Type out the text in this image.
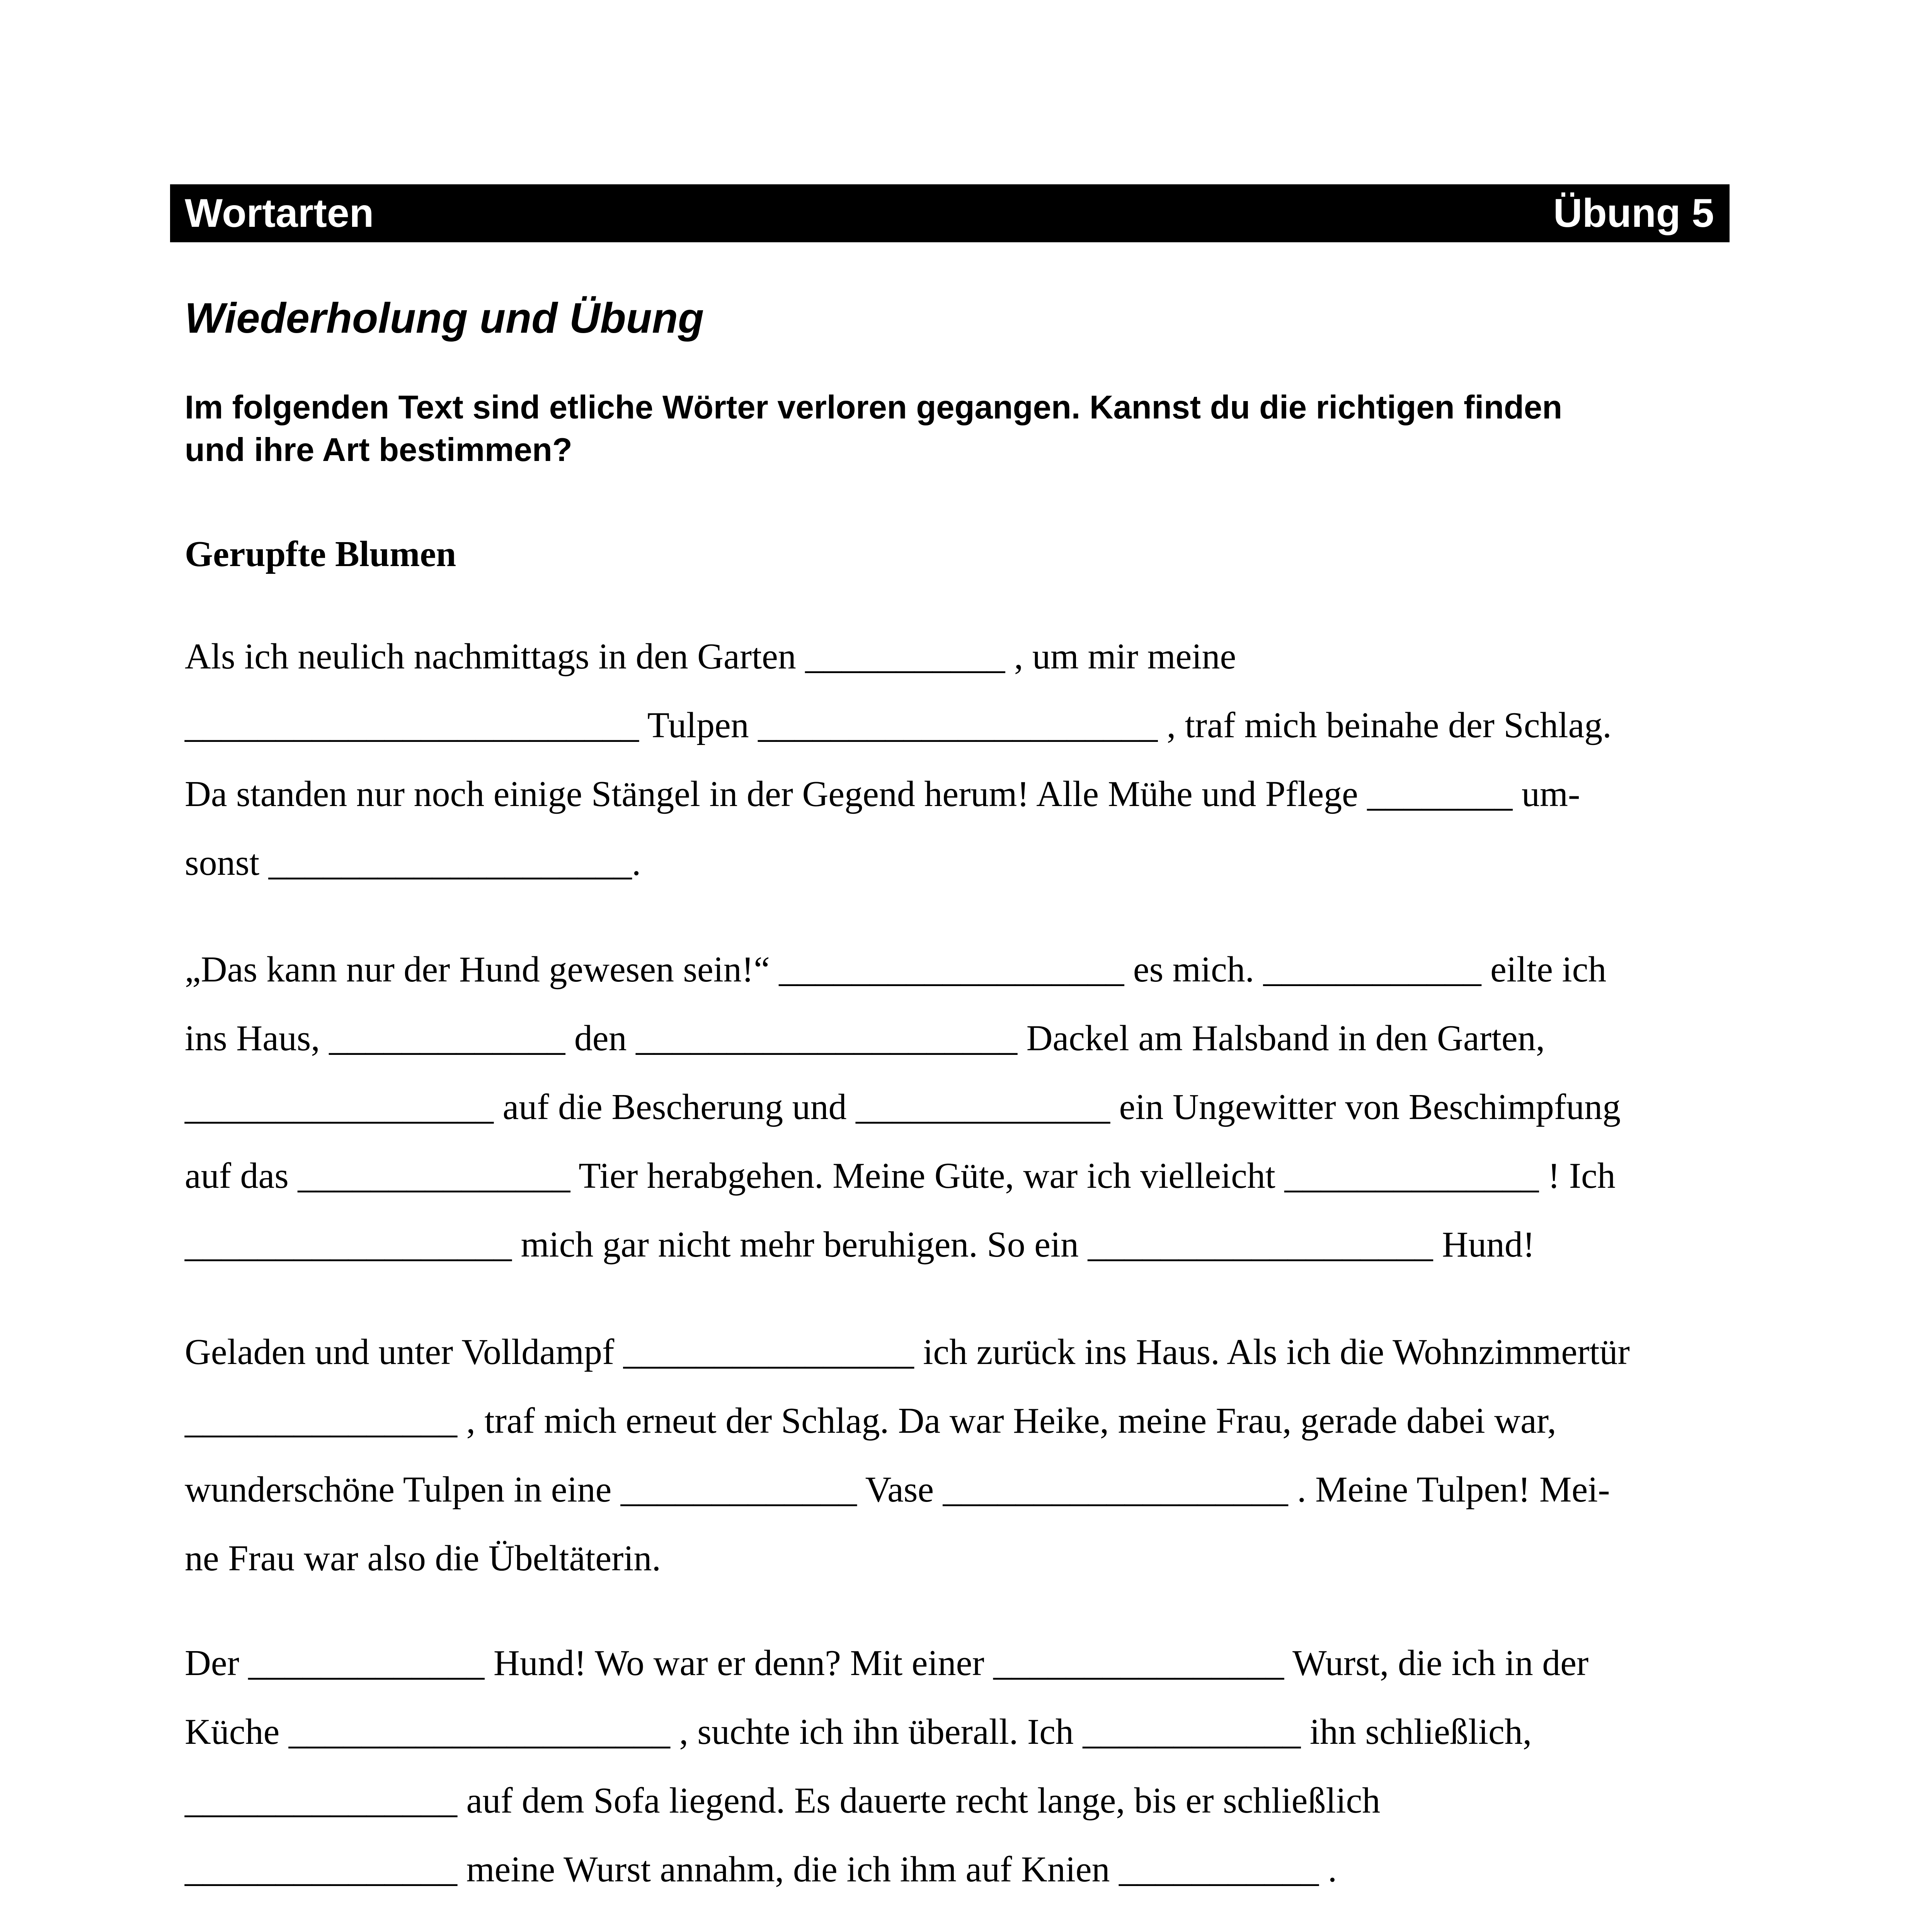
Wortarten	Übung 5
Wiederholung und Übung
Im folgenden Text sind etliche Wörter verloren gegangen. Kannst du die richtigen finden
und ihre Art bestimmen?
Gerupfte Blumen
Als ich neulich nachmittags in den Garten ___________ , um mir meine
_________________________ Tulpen ______________________ , traf mich beinahe der Schlag.
Da standen nur noch einige Stängel in der Gegend herum! Alle Mühe und Pflege ________ um-
sonst ____________________.
„Das kann nur der Hund gewesen sein!“ ___________________ es mich. ____________ eilte ich
ins Haus, _____________ den _____________________ Dackel am Halsband in den Garten,
_________________ auf die Bescherung und ______________ ein Ungewitter von Beschimpfung
auf das _______________ Tier herabgehen. Meine Güte, war ich vielleicht ______________ ! Ich
__________________ mich gar nicht mehr beruhigen. So ein ___________________ Hund!
Geladen und unter Volldampf ________________ ich zurück ins Haus. Als ich die Wohnzimmertür
_______________ , traf mich erneut der Schlag. Da war Heike, meine Frau, gerade dabei war,
wunderschöne Tulpen in eine _____________ Vase ___________________ . Meine Tulpen! Mei-
ne Frau war also die Übeltäterin.
Der _____________ Hund! Wo war er denn? Mit einer ________________ Wurst, die ich in der
Küche _____________________ , suchte ich ihn überall. Ich ____________ ihn schließlich,
_______________ auf dem Sofa liegend. Es dauerte recht lange, bis er schließlich
_______________ meine Wurst annahm, die ich ihm auf Knien ___________ .
